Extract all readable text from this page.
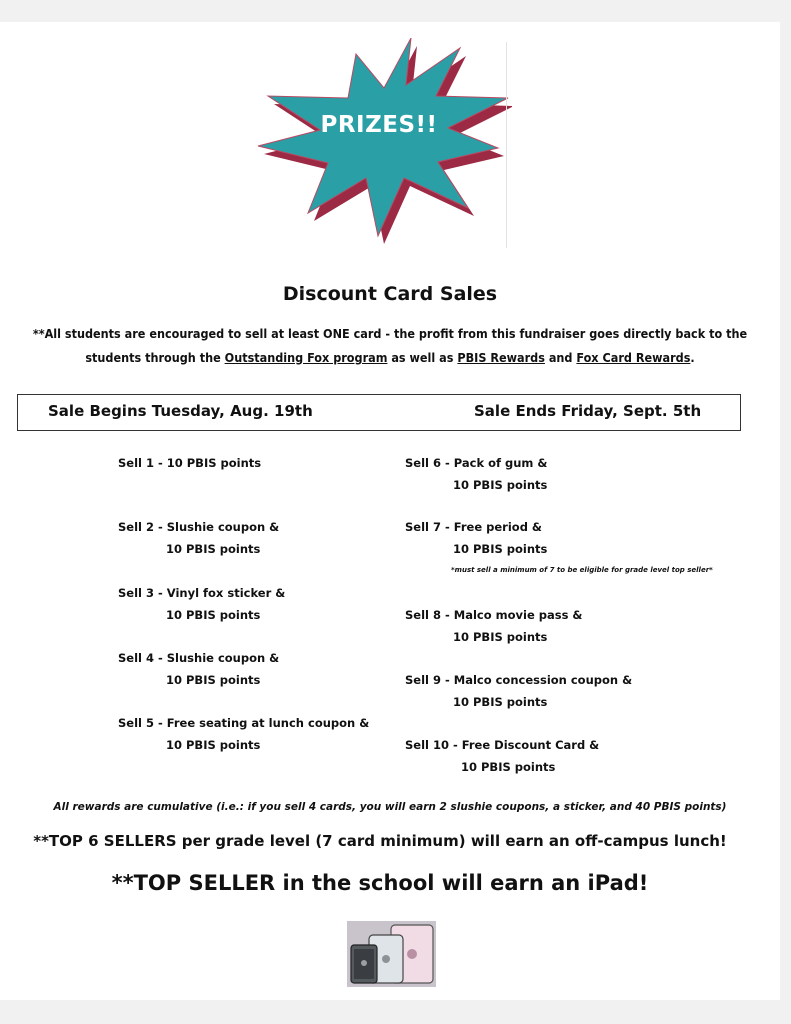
PRIZES!!
Discount Card Sales
**All students are encouraged to sell at least ONE card - the profit from this fundraiser goes directly back to the students through the Outstanding Fox program as well as PBIS Rewards and Fox Card Rewards.
Sale Begins Tuesday, Aug. 19th	Sale Ends Friday, Sept. 5th
Sell 1 - 10 PBIS points
Sell 2 - Slushie coupon &
10 PBIS points
Sell 3 - Vinyl fox sticker &
10 PBIS points
Sell 4 - Slushie coupon &
10 PBIS points
Sell 5 - Free seating at lunch coupon &
10 PBIS points
Sell 6 - Pack of gum &
10 PBIS points
Sell 7 - Free period &
10 PBIS points
*must sell a minimum of 7 to be eligible for grade level top seller*
Sell 8 - Malco movie pass &
10 PBIS points
Sell 9 - Malco concession coupon &
10 PBIS points
Sell 10 - Free Discount Card &
10 PBIS points
All rewards are cumulative (i.e.: if you sell 4 cards, you will earn 2 slushie coupons, a sticker, and 40 PBIS points)
**TOP 6 SELLERS per grade level (7 card minimum) will earn an off-campus lunch!
**TOP SELLER in the school will earn an iPad!
